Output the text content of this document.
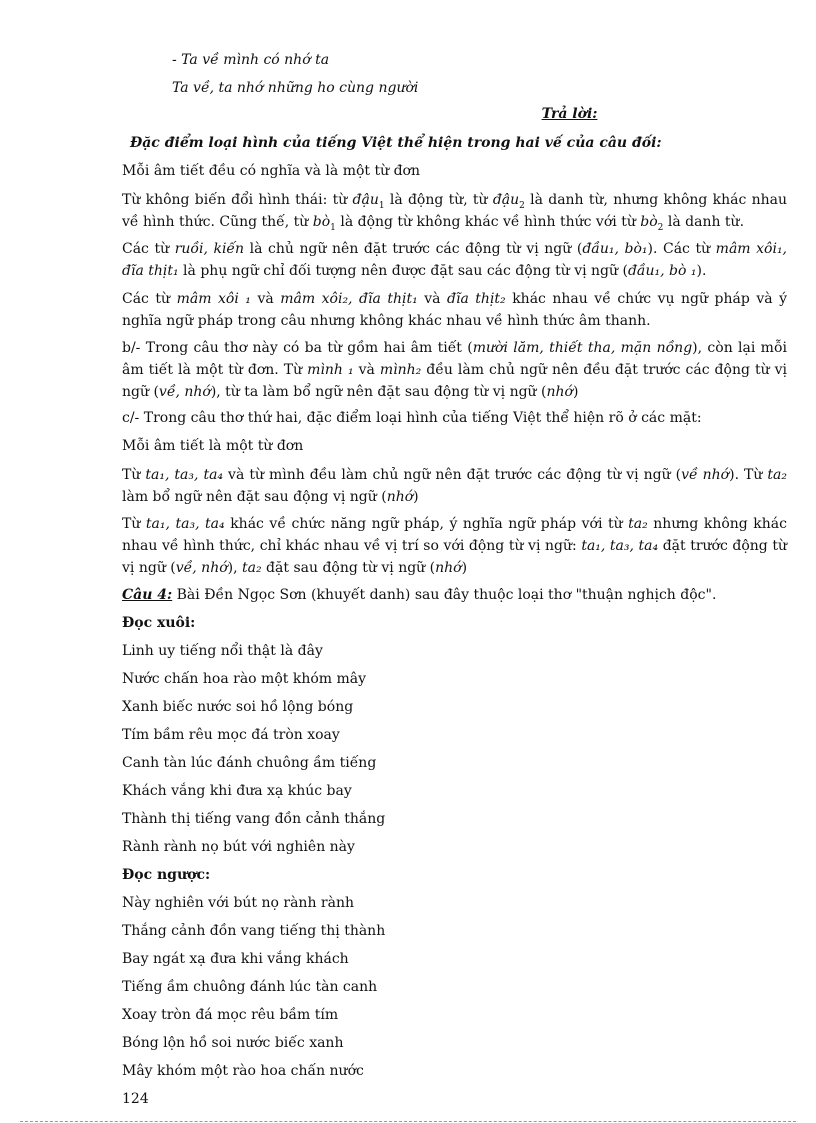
- Ta về mình có nhớ ta

Ta về, ta nhớ những ho cùng người

Trả lời:

Đặc điểm loại hình của tiếng Việt thể hiện trong hai vế của câu đối:

Mỗi âm tiết đều có nghĩa và là một từ đơn

Từ không biến đổi hình thái: từ đậu$_1$ là động từ, từ đậu$_2$ là danh từ, nhưng không khác nhau về hình thức. Cũng thế, từ $bò_1$ là động từ không khác về hình thức với từ $bò_2$ là danh từ.

Các từ ruồi, kiến là chủ ngữ nên đặt trước các động từ vị ngữ (đầu₁, bò₁). Các từ mâm xôi₁, đĩa thịt₁ là phụ ngữ chỉ đối tượng nên được đặt sau các động từ vị ngữ (đầu₁, bò ₁).

Các từ mâm xôi ₁ và mâm xôi₂, đĩa thịt₁ và đĩa thịt₂ khác nhau về chức vụ ngữ pháp và ý nghĩa ngữ pháp trong câu nhưng không khác nhau về hình thức âm thanh.

b/- Trong câu thơ này có ba từ gồm hai âm tiết (mười lăm, thiết tha, mặn nồng), còn lại mỗi âm tiết là một từ đơn. Từ mình ₁ và mình₂ đều làm chủ ngữ nên đều đặt trước các động từ vị ngữ (về, nhớ), từ ta làm bổ ngữ nên đặt sau động từ vị ngữ (nhớ)

c/- Trong câu thơ thứ hai, đặc điểm loại hình của tiếng Việt thể hiện rõ ở các mặt:

Mỗi âm tiết là một từ đơn

Từ ta₁, ta₃, ta₄ và từ mình đều làm chủ ngữ nên đặt trước các động từ vị ngữ (về nhớ). Từ ta₂ làm bổ ngữ nên đặt sau động vị ngữ (nhớ)

Từ ta₁, ta₃, ta₄ khác về chức năng ngữ pháp, ý nghĩa ngữ pháp với từ ta₂ nhưng không khác nhau về hình thức, chỉ khác nhau về vị trí so với động từ vị ngữ: ta₁, ta₃, ta₄ đặt trước động từ vị ngữ (về, nhớ), ta₂ đặt sau động từ vị ngữ (nhớ)

Câu 4: Bài Đền Ngọc Sơn (khuyết danh) sau đây thuộc loại thơ "thuận nghịch độc".

Đọc xuôi:

Linh uy tiếng nổi thật là đây

Nước chấn hoa rào một khóm mây

Xanh biếc nước soi hồ lộng bóng

Tím bầm rêu mọc đá tròn xoay

Canh tàn lúc đánh chuông ầm tiếng

Khách vắng khi đưa xạ khúc bay

Thành thị tiếng vang đồn cảnh thắng

Rành rành nọ bút với nghiên này

Đọc ngược:

Này nghiên với bút nọ rành rành

Thắng cảnh đồn vang tiếng thị thành

Bay ngát xạ đưa khi vắng khách

Tiếng ầm chuông đánh lúc tàn canh

Xoay tròn đá mọc rêu bầm tím

Bóng lộn hồ soi nước biếc xanh

Mây khóm một rào hoa chấn nước

124
